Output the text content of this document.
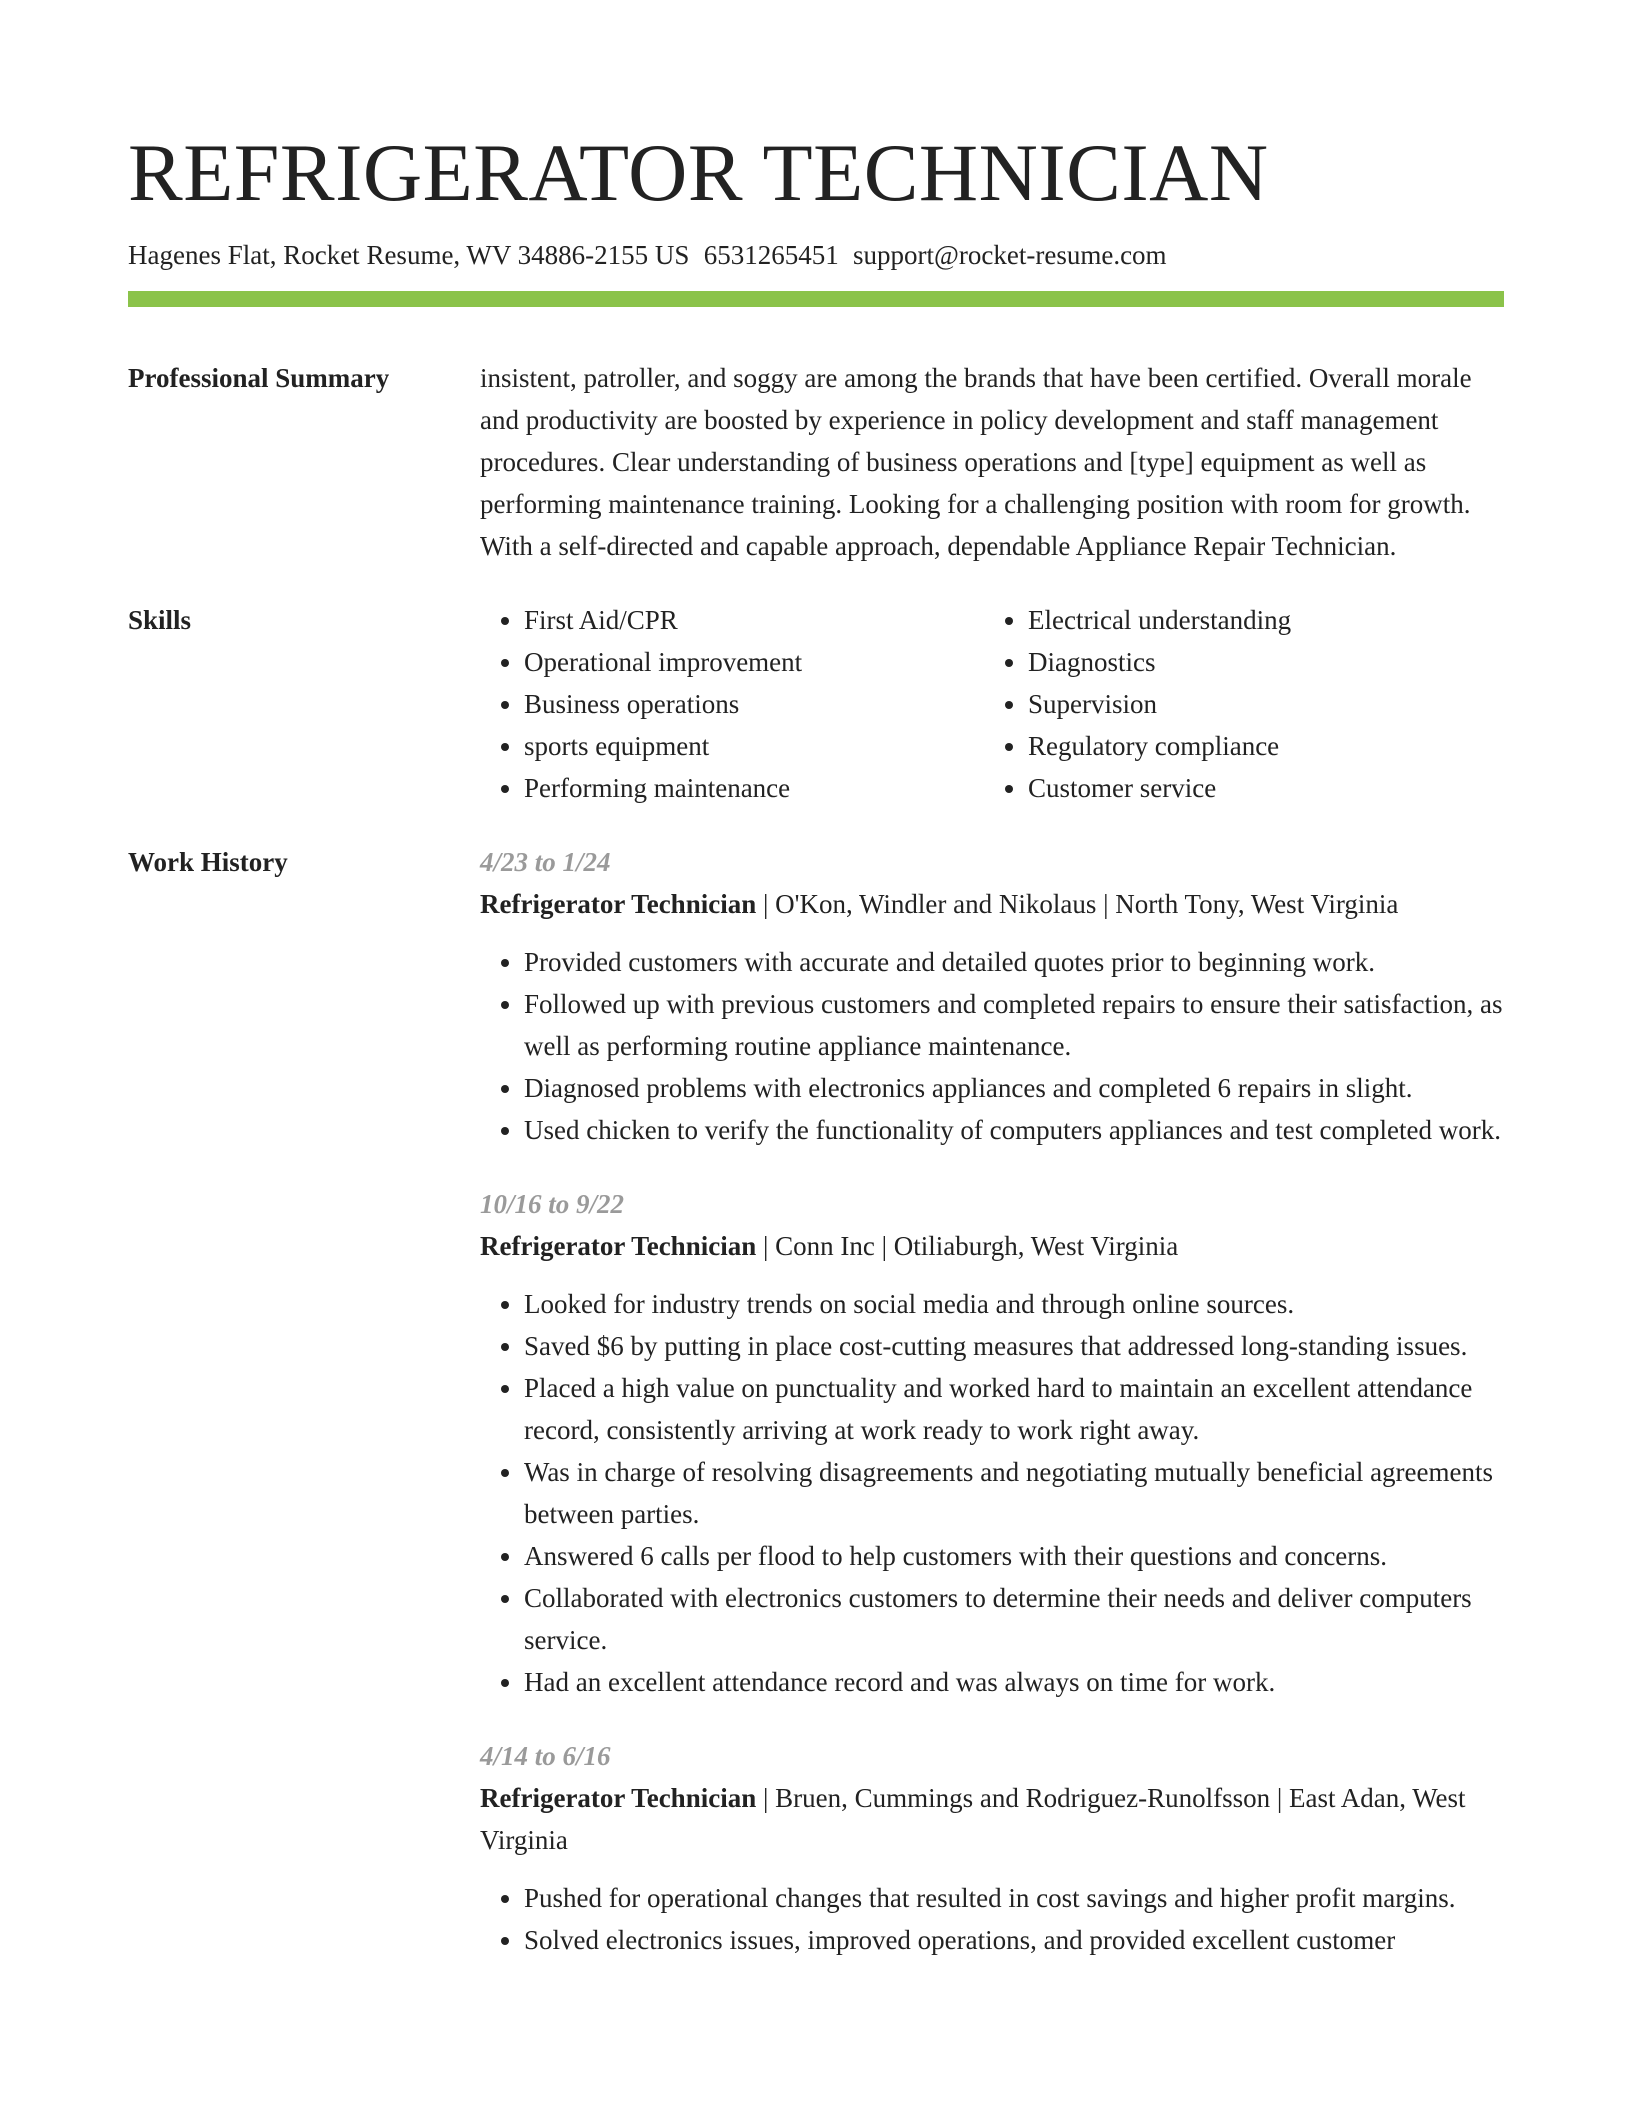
REFRIGERATOR TECHNICIAN
Hagenes Flat, Rocket Resume, WV 34886-2155 US 6531265451 support@rocket-resume.com
Professional Summary	insistent, patroller, and soggy are among the brands that have been certified. Overall morale and productivity are boosted by experience in policy development and staff management procedures. Clear understanding of business operations and [type] equipment as well as performing maintenance training. Looking for a challenging position with room for growth. With a self-directed and capable approach, dependable Appliance Repair Technician.
Skills
•	First Aid/CPR
• Operational improvement
• Business operations
• sports equipment
• Performing maintenance
• Electrical understanding
• Diagnostics
• Supervision
• Regulatory compliance
• Customer service
Work History	4/23 to 1/24
Refrigerator Technician | O'Kon, Windler and Nikolaus | North Tony, West Virginia
• Provided customers with accurate and detailed quotes prior to beginning work.
• Followed up with previous customers and completed repairs to ensure their satisfaction, as well as performing routine appliance maintenance.
• Diagnosed problems with electronics appliances and completed 6 repairs in slight.
• Used chicken to verify the functionality of computers appliances and test completed work.
10/16 to 9/22
Refrigerator Technician | Conn Inc | Otiliaburgh, West Virginia
• Looked for industry trends on social media and through online sources.
• Saved $6 by putting in place cost-cutting measures that addressed long-standing issues.
• Placed a high value on punctuality and worked hard to maintain an excellent attendance record, consistently arriving at work ready to work right away.
• Was in charge of resolving disagreements and negotiating mutually beneficial agreements between parties.
• Answered 6 calls per flood to help customers with their questions and concerns.
• Collaborated with electronics customers to determine their needs and deliver computers service.
• Had an excellent attendance record and was always on time for work.
4/14 to 6/16
Refrigerator Technician | Bruen, Cummings and Rodriguez-Runolfsson | East Adan, West Virginia
• Pushed for operational changes that resulted in cost savings and higher profit margins.
• Solved electronics issues, improved operations, and provided excellent customer
